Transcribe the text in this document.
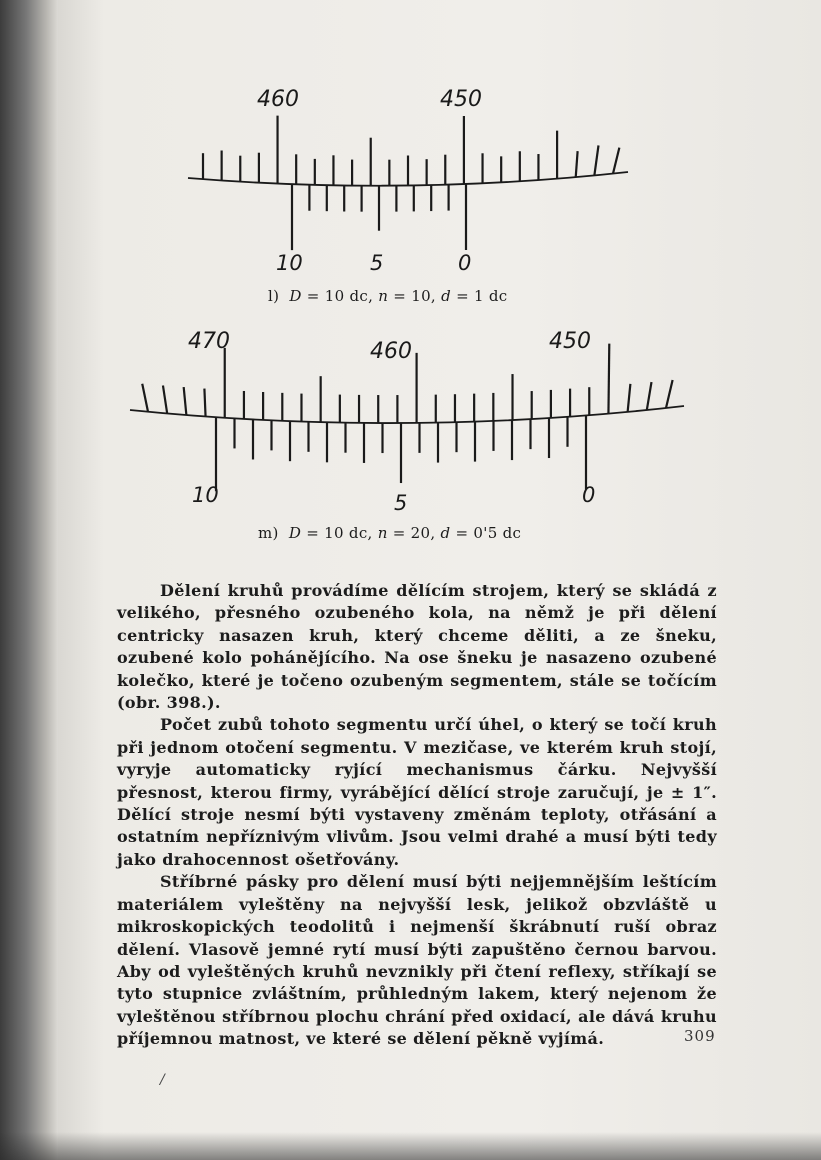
460	450
10	5	0
l) D = 10 dc, n = 10, d = 1 dc
470	460	450
10	5	0
m) D = 10 dc, n = 20, d = 0'5 dc

Dělení kruhů provádíme dělícím strojem, který se skládá z velikého, přesného ozubeného kola, na němž je při dělení centricky nasazen kruh, který chceme děliti, a ze šneku, ozubené kolo pohánějícího. Na ose šneku je nasazeno ozubené kolečko, které je točeno ozubeným segmentem, stále se točícím (obr. 398.).

Počet zubů tohoto segmentu určí úhel, o který se točí kruh při jednom otočení segmentu. V mezičase, ve kterém kruh stojí, vyryje automaticky ryjící mechanismus čárku. Nejvyšší přesnost, kterou firmy, vyrábějící dělící stroje zaručují, je ± 1″. Dělící stroje nesmí býti vystaveny změnám teploty, otřásání a ostatním nepříznivým vlivům. Jsou velmi drahé a musí býti tedy jako drahocennost ošetřovány.

Stříbrné pásky pro dělení musí býti nejjemnějším leštícím materiálem vyleštěny na nejvyšší lesk, jelikož obzvláště u mikroskopických teodolitů i nejmenší škrábnutí ruší obraz dělení. Vlasově jemné rytí musí býti zapuštěno černou barvou. Aby od vyleštěných kruhů nevznikly při čtení reflexy, stříkají se tyto stupnice zvláštním, průhledným lakem, který nejenom že vyleštěnou stříbrnou plochu chrání před oxidací, ale dává kruhu příjemnou matnost, ve které se dělení pěkně vyjímá.	309
/
